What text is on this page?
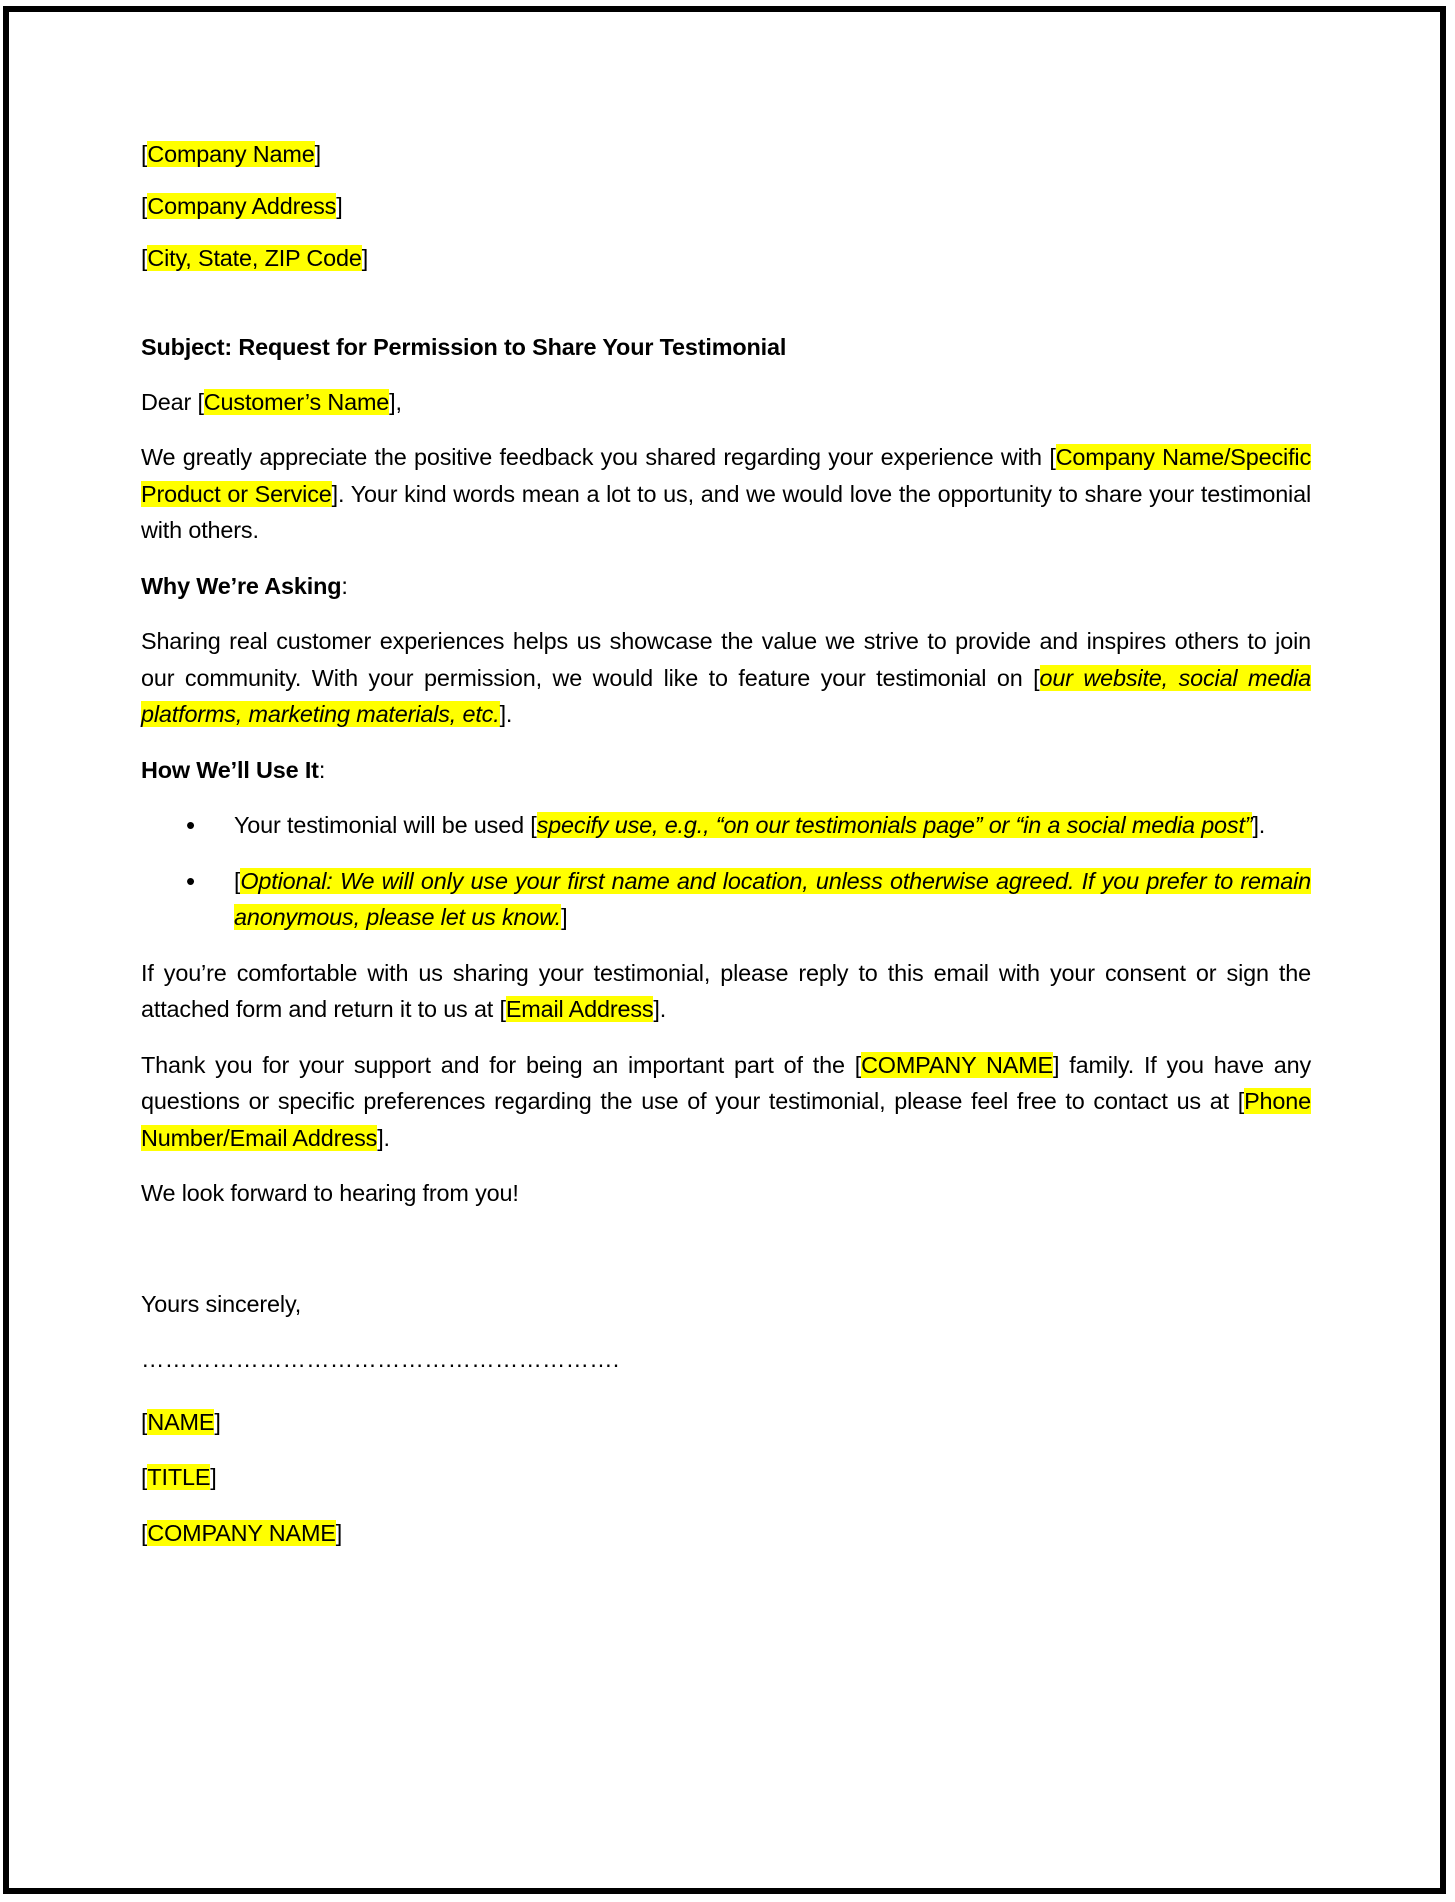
[Company Name]
[Company Address]
[City, State, ZIP Code]
Subject: Request for Permission to Share Your Testimonial
Dear [Customer’s Name],
We greatly appreciate the positive feedback you shared regarding your experience with [Company Name/Specific Product or Service]. Your kind words mean a lot to us, and we would love the opportunity to share your testimonial with others.
Why We’re Asking:
Sharing real customer experiences helps us showcase the value we strive to provide and inspires others to join our community. With your permission, we would like to feature your testimonial on [our website, social media platforms, marketing materials, etc.].
How We’ll Use It:
• Your testimonial will be used [specify use, e.g., “on our testimonials page” or “in a social media post”].
• [Optional: We will only use your first name and location, unless otherwise agreed. If you prefer to remain anonymous, please let us know.]
If you’re comfortable with us sharing your testimonial, please reply to this email with your consent or sign the attached form and return it to us at [Email Address].
Thank you for your support and for being an important part of the [COMPANY NAME] family. If you have any questions or specific preferences regarding the use of your testimonial, please feel free to contact us at [Phone Number/Email Address].
We look forward to hearing from you!
Yours sincerely,
…………………………………………………….
[NAME]
[TITLE]
[COMPANY NAME]
